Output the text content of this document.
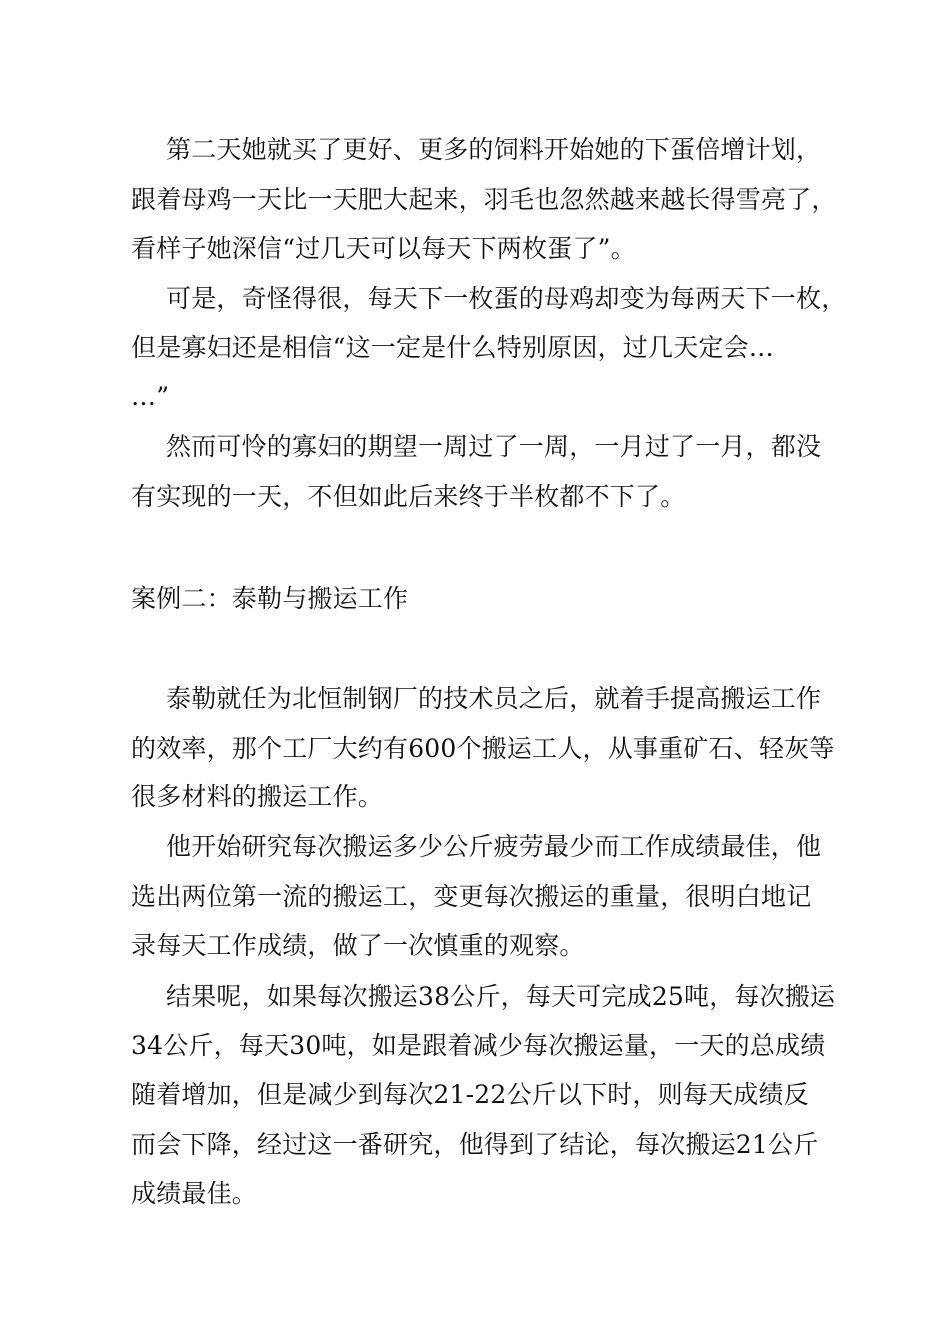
第二天她就买了更好、更多的饲料开始她的下蛋倍增计划，
跟着母鸡一天比一天肥大起来，羽毛也忽然越来越长得雪亮了，
看样子她深信“过几天可以每天下两枚蛋了”。
可是，奇怪得很，每天下一枚蛋的母鸡却变为每两天下一枚，
但是寡妇还是相信“这一定是什么特别原因，过几天定会…
…”
然而可怜的寡妇的期望一周过了一周，一月过了一月，都没
有实现的一天，不但如此后来终于半枚都不下了。
案例二：泰勒与搬运工作
泰勒就任为北恒制钢厂的技术员之后，就着手提高搬运工作
的效率，那个工厂大约有600个搬运工人，从事重矿石、轻灰等
很多材料的搬运工作。
他开始研究每次搬运多少公斤疲劳最少而工作成绩最佳，他
选出两位第一流的搬运工，变更每次搬运的重量，很明白地记
录每天工作成绩，做了一次慎重的观察。
结果呢，如果每次搬运38公斤，每天可完成25吨，每次搬运
34公斤，每天30吨，如是跟着减少每次搬运量，一天的总成绩
随着增加，但是减少到每次21-22公斤以下时，则每天成绩反
而会下降，经过这一番研究，他得到了结论，每次搬运21公斤
成绩最佳。
